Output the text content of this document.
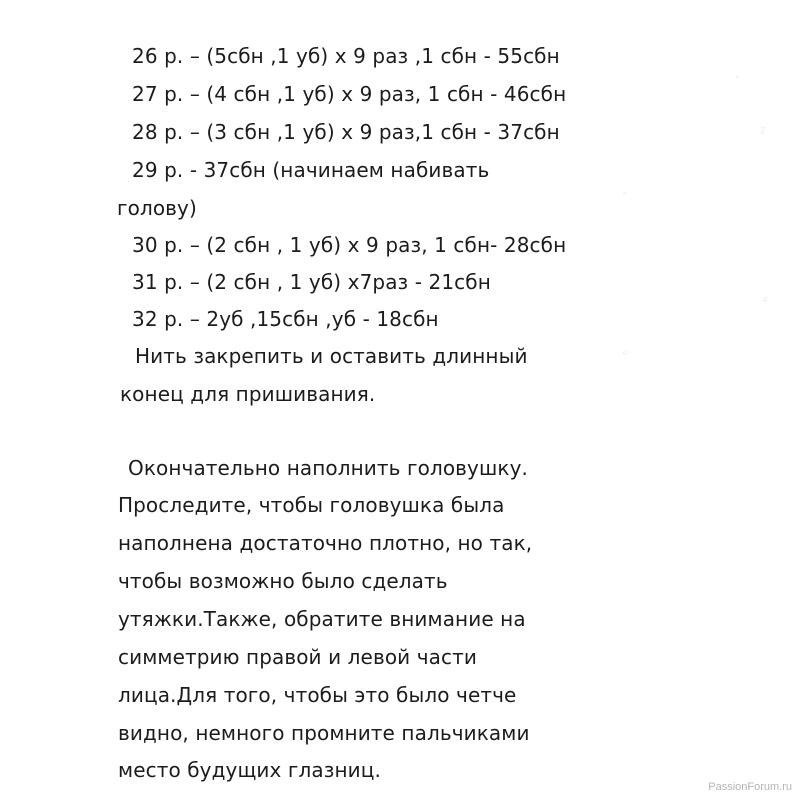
¸
²
¸
°
°
26 р. – (5сбн ,1 уб) х 9 раз ,1 сбн - 55сбн
27 р. – (4 сбн ,1 уб) х 9 раз, 1 сбн - 46сбн
28 р. – (3 сбн ,1 уб) х 9 раз,1 сбн - 37сбн
29 р. - 37сбн (начинаем набивать
голову)
30 р. – (2 сбн , 1 уб) х 9 раз, 1 сбн- 28сбн
31 р. – (2 сбн , 1 уб) х7раз - 21сбн
32 р. – 2уб ,15сбн ,уб - 18сбн
Нить закрепить и оставить длинный
конец для пришивания.
Окончательно наполнить головушку.
Проследите, чтобы головушка была
наполнена достаточно плотно, но так,
чтобы возможно было сделать
утяжки.Также, обратите внимание на
симметрию правой и левой части
лица.Для того, чтобы это было четче
видно, немного промните пальчиками
место будущих глазниц.
PassionForum.ru
